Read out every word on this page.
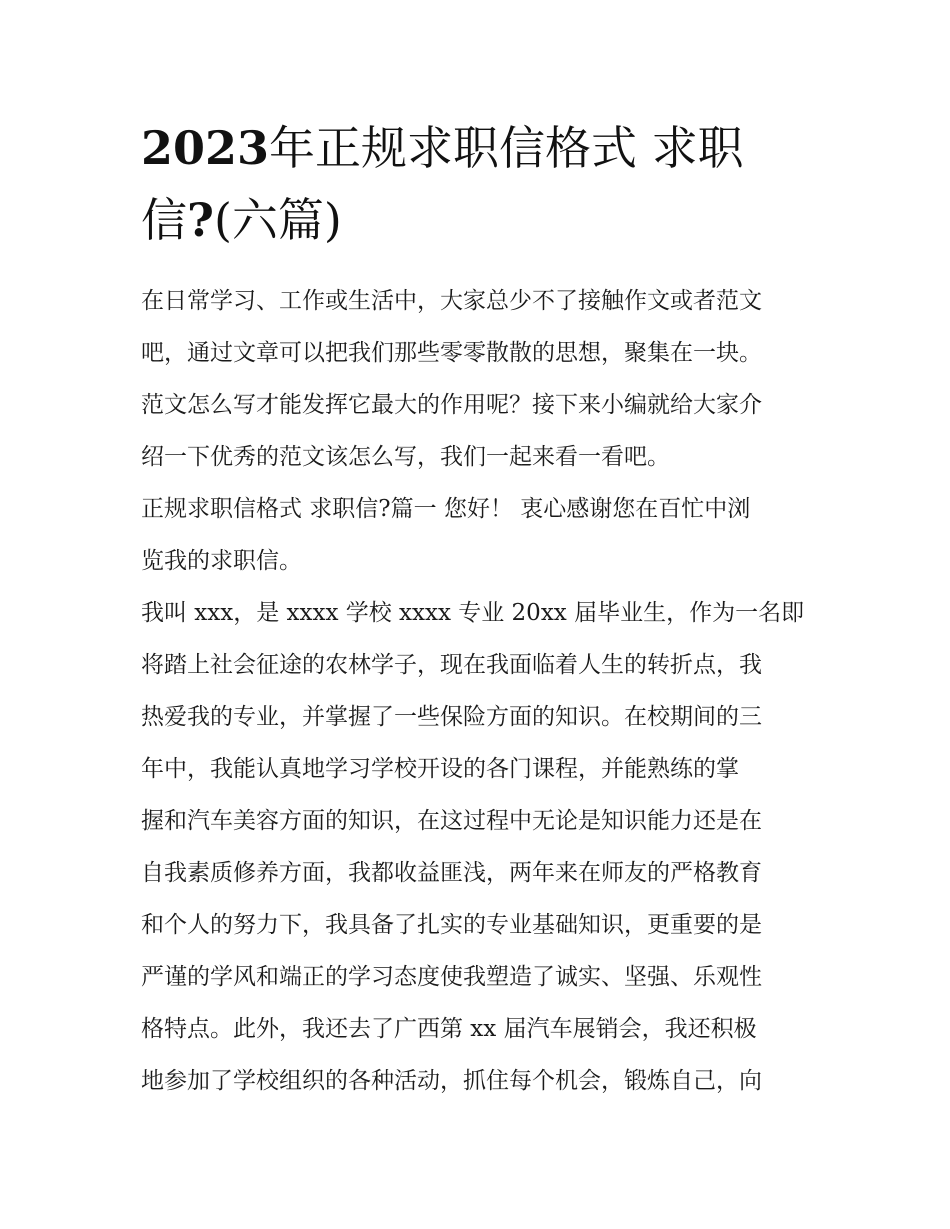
2023年正规求职信格式 求职
信?(六篇)
在日常学习、工作或生活中，大家总少不了接触作文或者范文
吧，通过文章可以把我们那些零零散散的思想，聚集在一块。
范文怎么写才能发挥它最大的作用呢？接下来小编就给大家介
绍一下优秀的范文该怎么写，我们一起来看一看吧。
正规求职信格式 求职信?篇一 您好！ 衷心感谢您在百忙中浏
览我的求职信。
我叫 xxx，是 xxxx 学校 xxxx 专业 20xx 届毕业生，作为一名即
将踏上社会征途的农林学子，现在我面临着人生的转折点，我
热爱我的专业，并掌握了一些保险方面的知识。在校期间的三
年中，我能认真地学习学校开设的各门课程，并能熟练的掌
握和汽车美容方面的知识，在这过程中无论是知识能力还是在
自我素质修养方面，我都收益匪浅，两年来在师友的严格教育
和个人的努力下，我具备了扎实的专业基础知识，更重要的是
严谨的学风和端正的学习态度使我塑造了诚实、坚强、乐观性
格特点。此外，我还去了广西第 xx 届汽车展销会，我还积极
地参加了学校组织的各种活动，抓住每个机会，锻炼自己，向
